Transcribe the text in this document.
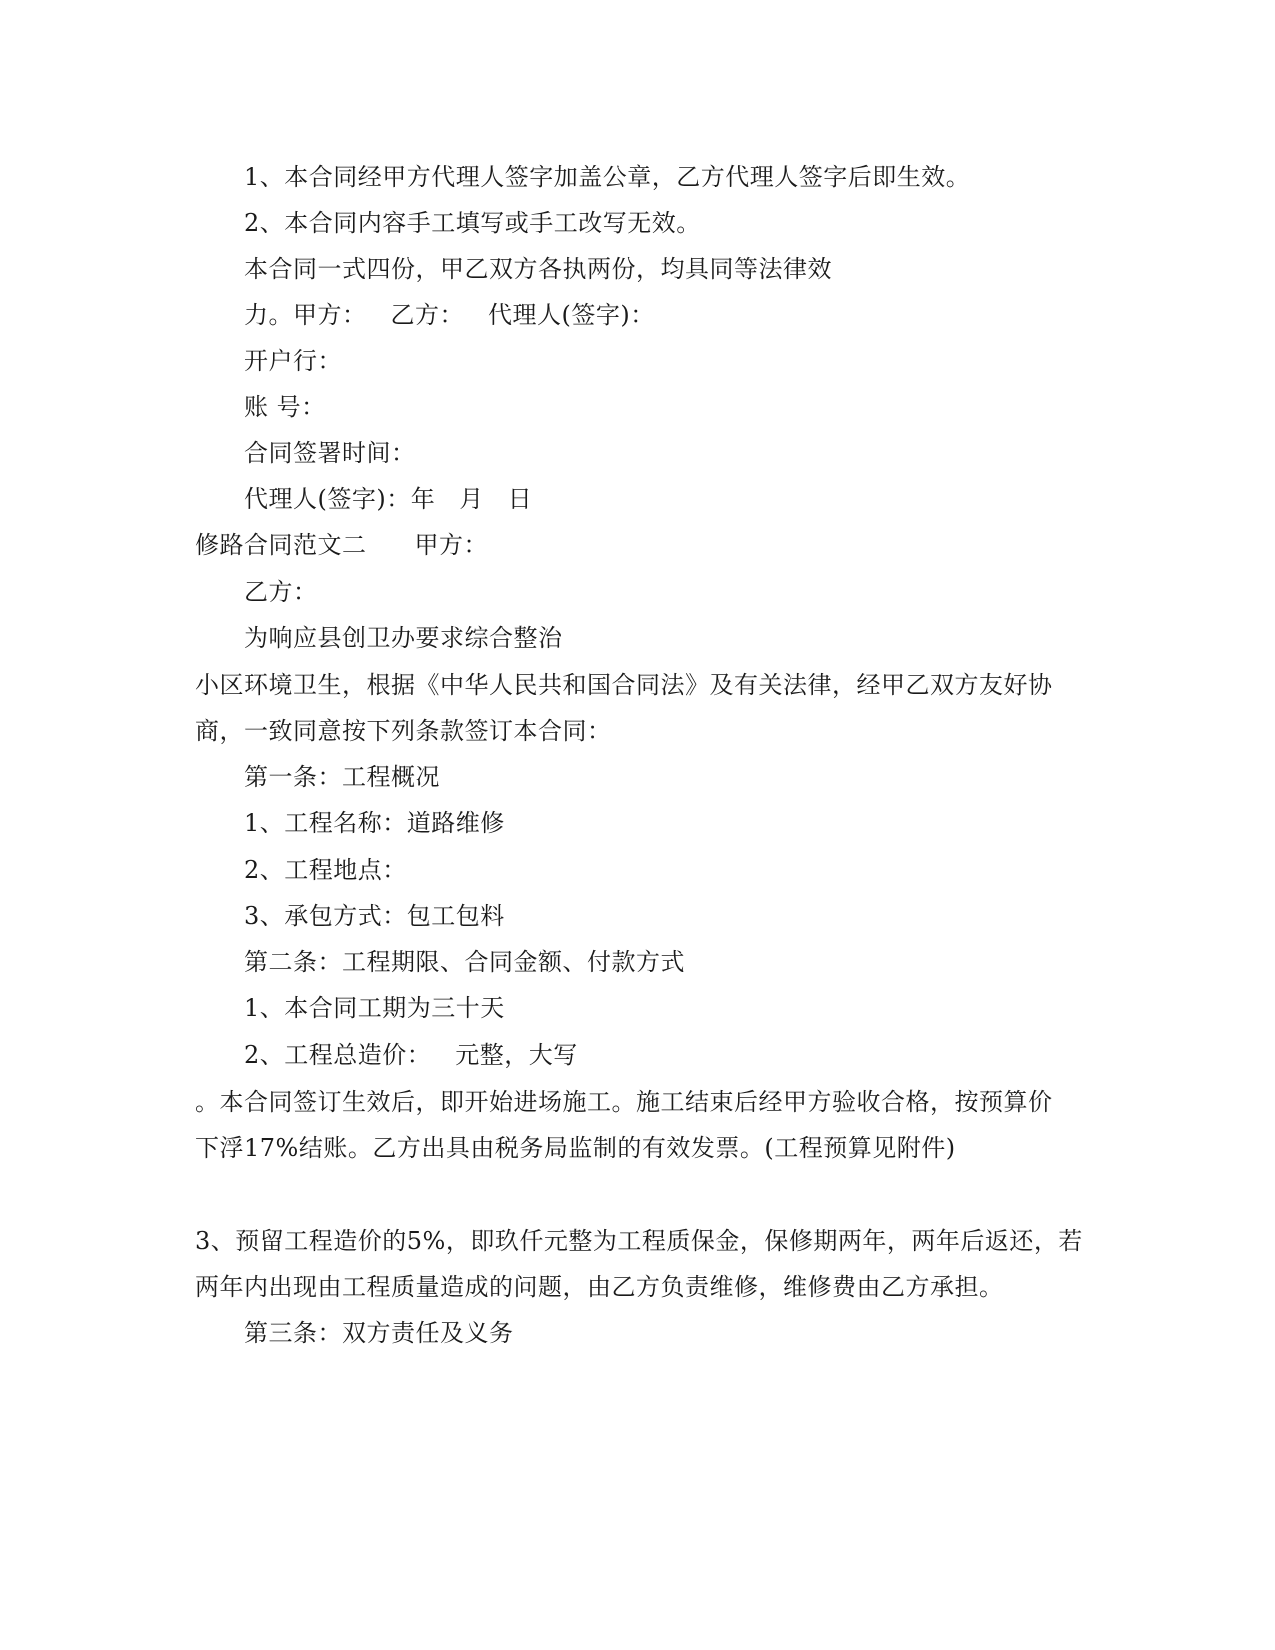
1、本合同经甲方代理人签字加盖公章，乙方代理人签字后即生效。
2、本合同内容手工填写或手工改写无效。
本合同一式四份，甲乙双方各执两份，均具同等法律效
力。甲方： 乙方： 代理人(签字)：
开户行：
账 号：
合同签署时间：
代理人(签字)：年 月 日
修路合同范文二 甲方：
乙方：
为响应县创卫办要求综合整治
小区环境卫生，根据《中华人民共和国合同法》及有关法律，经甲乙双方友好协
商，一致同意按下列条款签订本合同：
第一条：工程概况
1、工程名称：道路维修
2、工程地点：
3、承包方式：包工包料
第二条：工程期限、合同金额、付款方式
1、本合同工期为三十天
2、工程总造价： 元整，大写
。本合同签订生效后，即开始进场施工。施工结束后经甲方验收合格，按预算价
下浮17%结账。乙方出具由税务局监制的有效发票。(工程预算见附件)
3、预留工程造价的5%，即玖仟元整为工程质保金，保修期两年，两年后返还，若
两年内出现由工程质量造成的问题，由乙方负责维修，维修费由乙方承担。
第三条：双方责任及义务
